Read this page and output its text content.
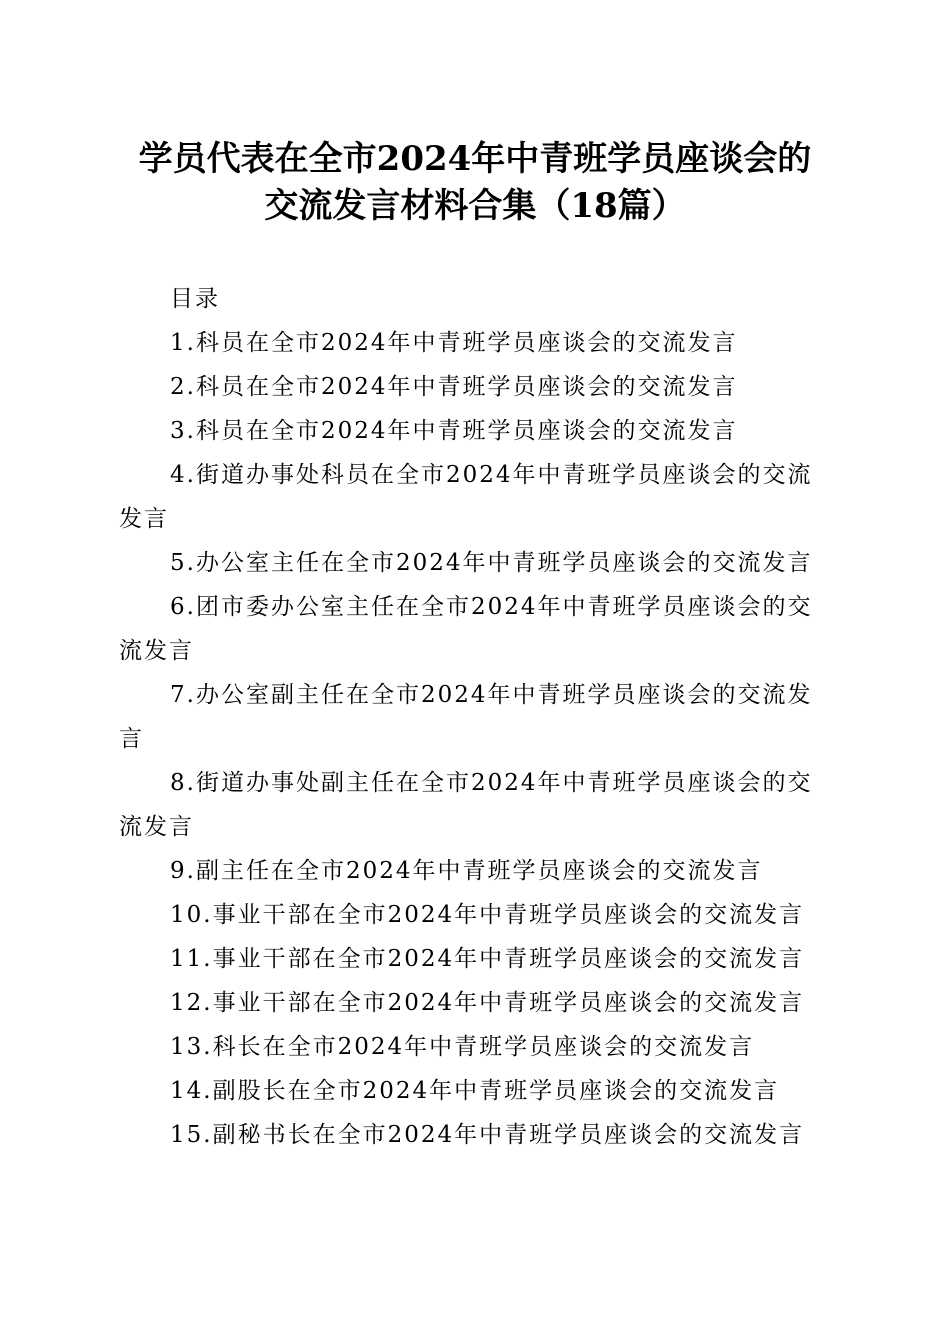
学员代表在全市2024年中青班学员座谈会的
交流发言材料合集（18篇）

目录

1.科员在全市2024年中青班学员座谈会的交流发言
2.科员在全市2024年中青班学员座谈会的交流发言
3.科员在全市2024年中青班学员座谈会的交流发言
4.街道办事处科员在全市2024年中青班学员座谈会的交流发言
5.办公室主任在全市2024年中青班学员座谈会的交流发言
6.团市委办公室主任在全市2024年中青班学员座谈会的交流发言
7.办公室副主任在全市2024年中青班学员座谈会的交流发言
8.街道办事处副主任在全市2024年中青班学员座谈会的交流发言
9.副主任在全市2024年中青班学员座谈会的交流发言
10.事业干部在全市2024年中青班学员座谈会的交流发言
11.事业干部在全市2024年中青班学员座谈会的交流发言
12.事业干部在全市2024年中青班学员座谈会的交流发言
13.科长在全市2024年中青班学员座谈会的交流发言
14.副股长在全市2024年中青班学员座谈会的交流发言
15.副秘书长在全市2024年中青班学员座谈会的交流发言
